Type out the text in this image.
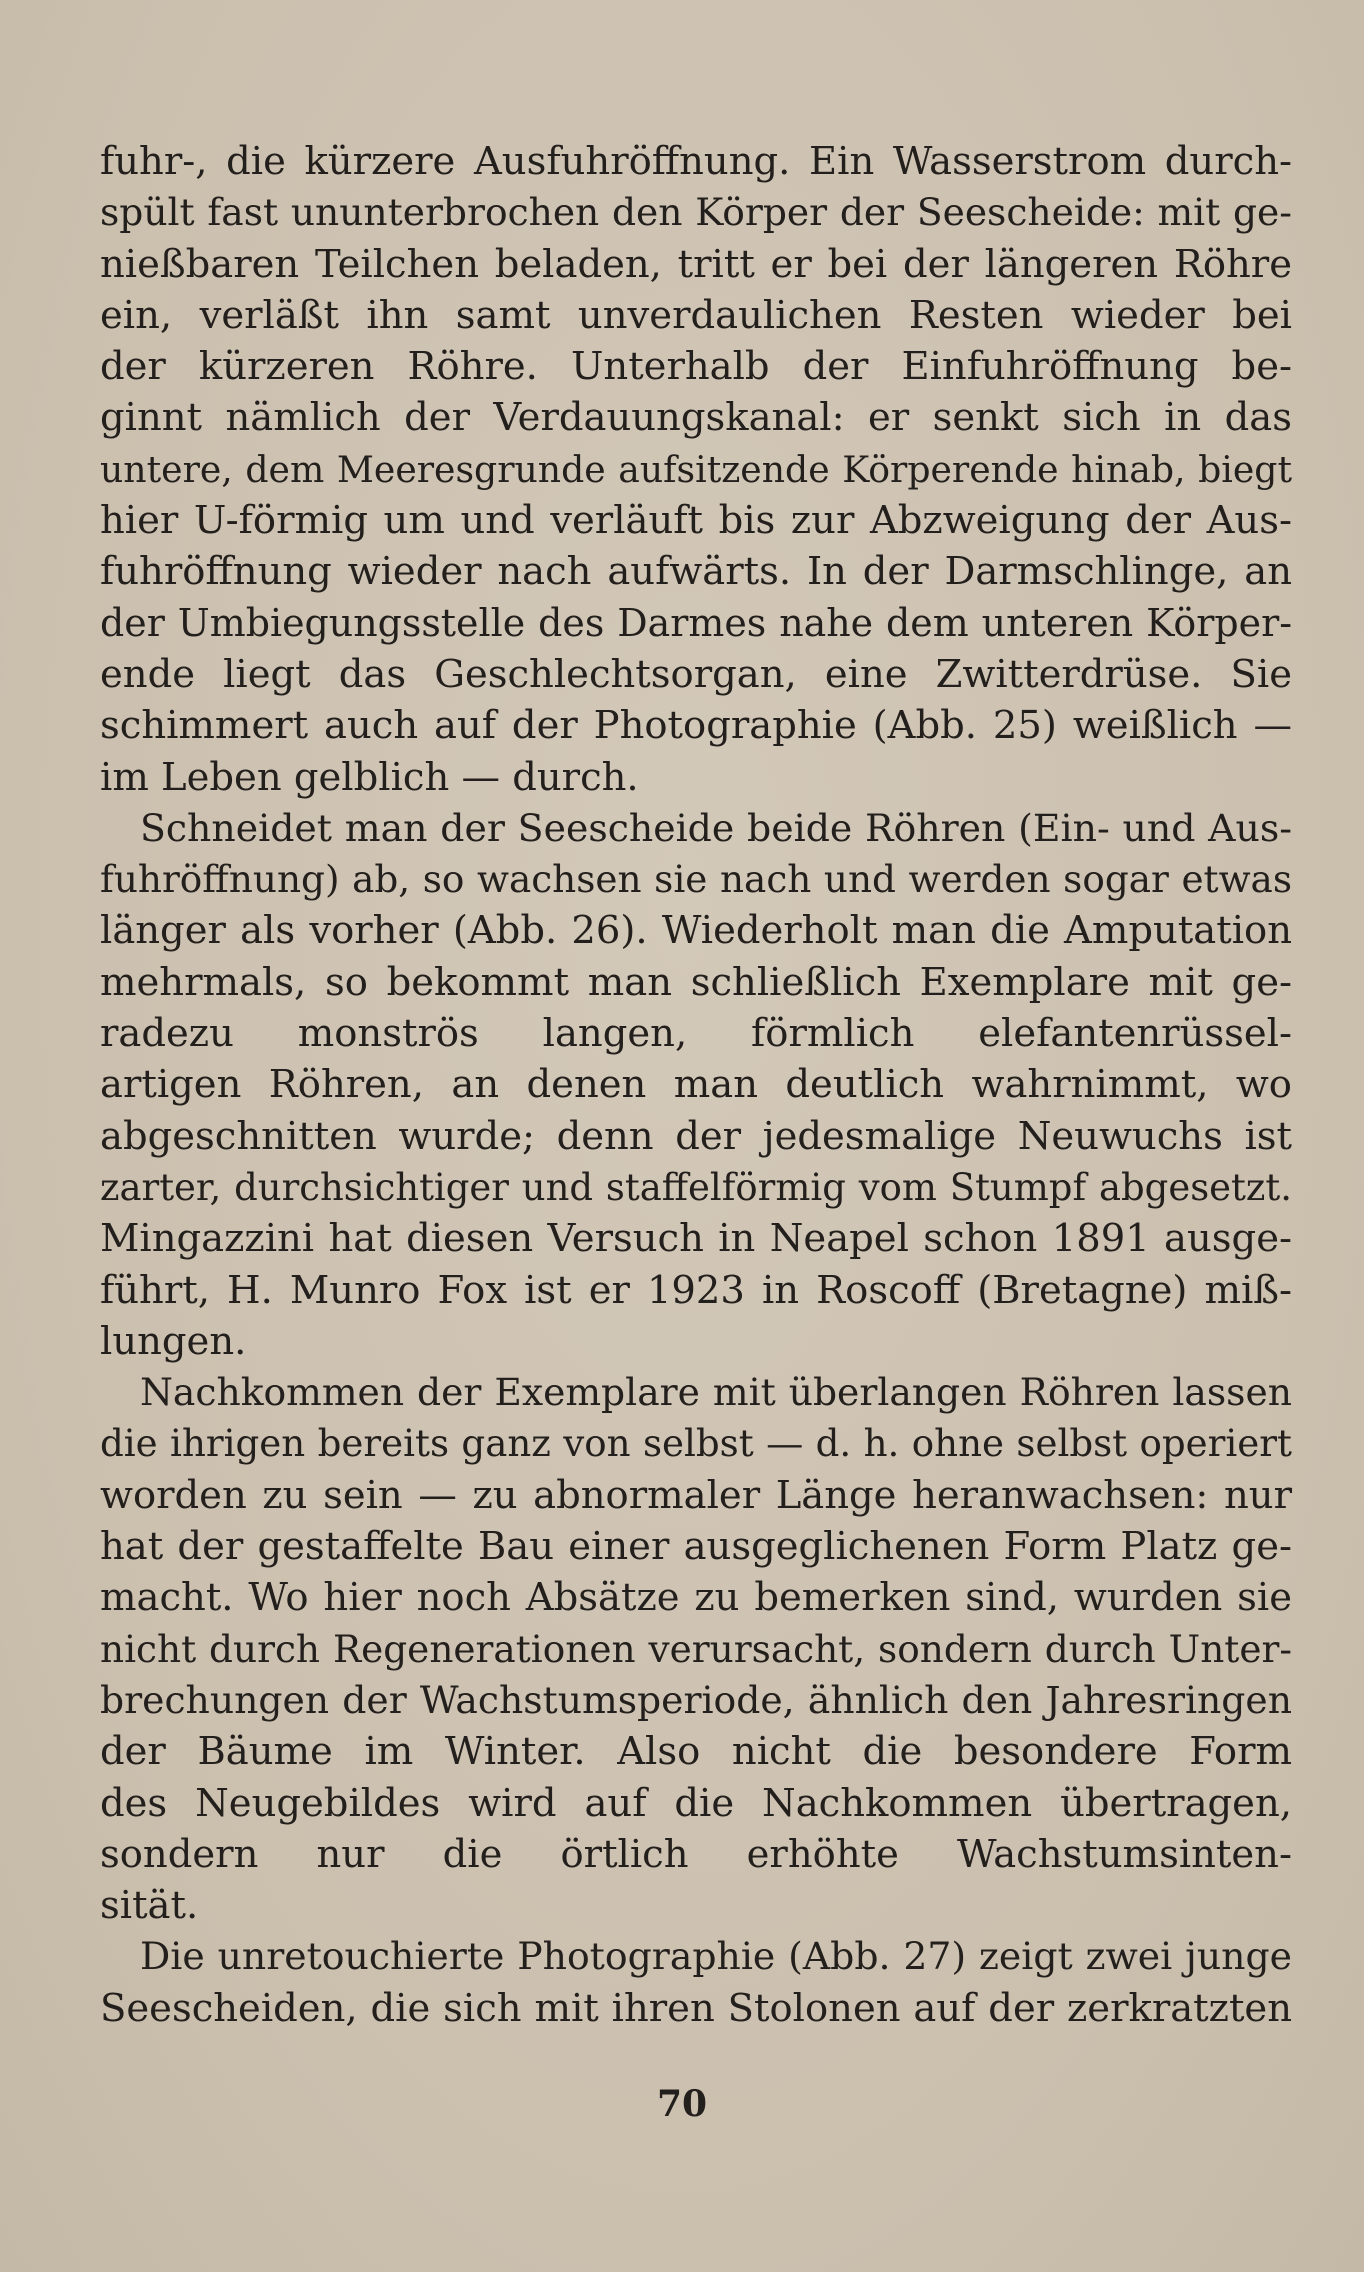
fuhr-, die kürzere Ausfuhröffnung. Ein Wasserstrom durch-
spült fast ununterbrochen den Körper der Seescheide: mit ge-
nießbaren Teilchen beladen, tritt er bei der längeren Röhre
ein, verläßt ihn samt unverdaulichen Resten wieder bei
der kürzeren Röhre. Unterhalb der Einfuhröffnung be-
ginnt nämlich der Verdauungskanal: er senkt sich in das
untere, dem Meeresgrunde aufsitzende Körperende hinab, biegt
hier U-förmig um und verläuft bis zur Abzweigung der Aus-
fuhröffnung wieder nach aufwärts. In der Darmschlinge, an
der Umbiegungsstelle des Darmes nahe dem unteren Körper-
ende liegt das Geschlechtsorgan, eine Zwitterdrüse. Sie
schimmert auch auf der Photographie (Abb. 25) weißlich —
im Leben gelblich — durch.
Schneidet man der Seescheide beide Röhren (Ein- und Aus-
fuhröffnung) ab, so wachsen sie nach und werden sogar etwas
länger als vorher (Abb. 26). Wiederholt man die Amputation
mehrmals, so bekommt man schließlich Exemplare mit ge-
radezu monströs langen, förmlich elefantenrüssel-
artigen Röhren, an denen man deutlich wahrnimmt, wo
abgeschnitten wurde; denn der jedesmalige Neuwuchs ist
zarter, durchsichtiger und staffelförmig vom Stumpf abgesetzt.
Mingazzini hat diesen Versuch in Neapel schon 1891 ausge-
führt, H. Munro Fox ist er 1923 in Roscoff (Bretagne) miß-
lungen.
Nachkommen der Exemplare mit überlangen Röhren lassen
die ihrigen bereits ganz von selbst — d. h. ohne selbst operiert
worden zu sein — zu abnormaler Länge heranwachsen: nur
hat der gestaffelte Bau einer ausgeglichenen Form Platz ge-
macht. Wo hier noch Absätze zu bemerken sind, wurden sie
nicht durch Regenerationen verursacht, sondern durch Unter-
brechungen der Wachstumsperiode, ähnlich den Jahresringen
der Bäume im Winter. Also nicht die besondere Form
des Neugebildes wird auf die Nachkommen übertragen,
sondern nur die örtlich erhöhte Wachstumsinten-
sität.
Die unretouchierte Photographie (Abb. 27) zeigt zwei junge
Seescheiden, die sich mit ihren Stolonen auf der zerkratzten
70
